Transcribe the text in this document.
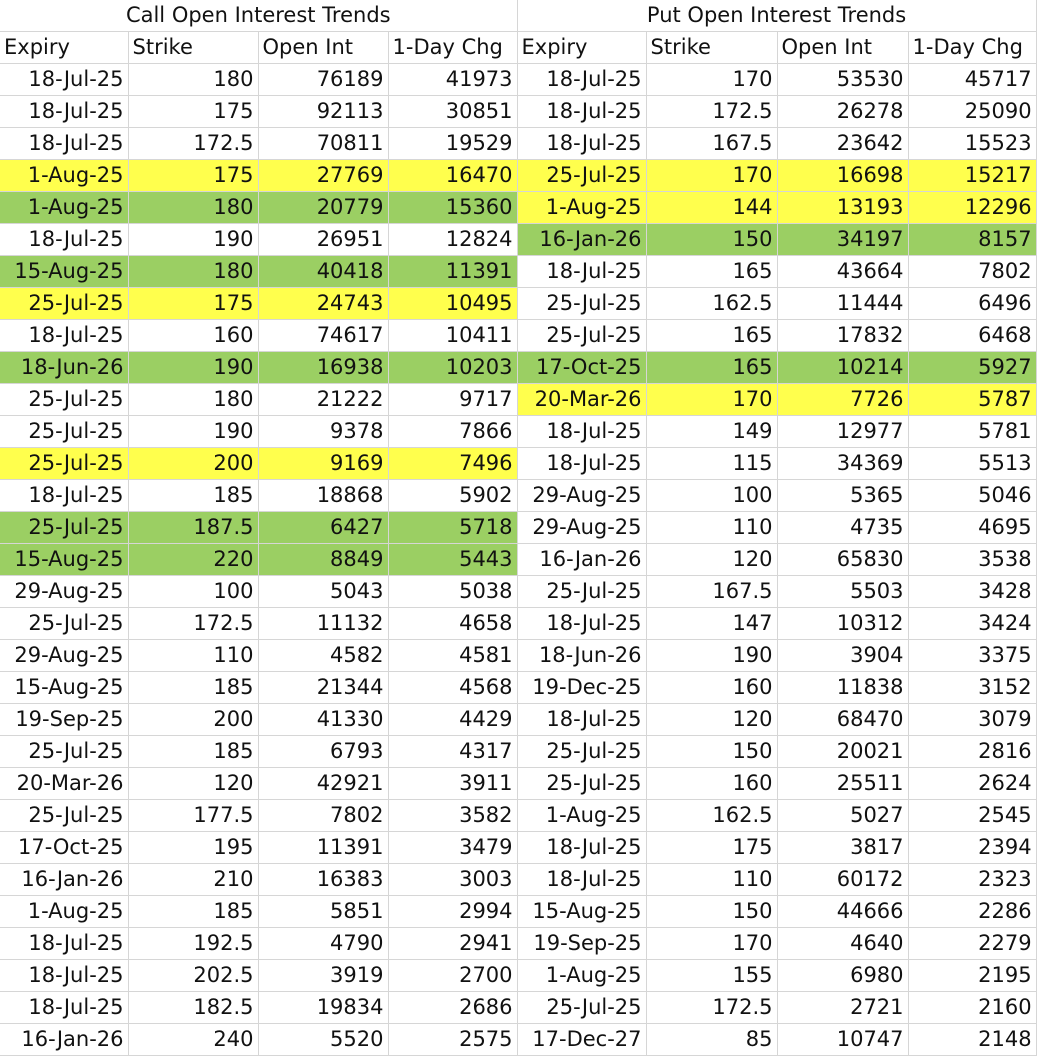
Call Open Interest Trends				Put Open Interest Trends			
Expiry	Strike	Open Int	1-Day Chg	Expiry	Strike	Open Int	1-Day Chg
18-Jul-25	180	76189	41973	18-Jul-25	170	53530	45717
18-Jul-25	175	92113	30851	18-Jul-25	172.5	26278	25090
18-Jul-25	172.5	70811	19529	18-Jul-25	167.5	23642	15523
1-Aug-25	175	27769	16470	25-Jul-25	170	16698	15217
1-Aug-25	180	20779	15360	1-Aug-25	144	13193	12296
18-Jul-25	190	26951	12824	16-Jan-26	150	34197	8157
15-Aug-25	180	40418	11391	18-Jul-25	165	43664	7802
25-Jul-25	175	24743	10495	25-Jul-25	162.5	11444	6496
18-Jul-25	160	74617	10411	25-Jul-25	165	17832	6468
18-Jun-26	190	16938	10203	17-Oct-25	165	10214	5927
25-Jul-25	180	21222	9717	20-Mar-26	170	7726	5787
25-Jul-25	190	9378	7866	18-Jul-25	149	12977	5781
25-Jul-25	200	9169	7496	18-Jul-25	115	34369	5513
18-Jul-25	185	18868	5902	29-Aug-25	100	5365	5046
25-Jul-25	187.5	6427	5718	29-Aug-25	110	4735	4695
15-Aug-25	220	8849	5443	16-Jan-26	120	65830	3538
29-Aug-25	100	5043	5038	25-Jul-25	167.5	5503	3428
25-Jul-25	172.5	11132	4658	18-Jul-25	147	10312	3424
29-Aug-25	110	4582	4581	18-Jun-26	190	3904	3375
15-Aug-25	185	21344	4568	19-Dec-25	160	11838	3152
19-Sep-25	200	41330	4429	18-Jul-25	120	68470	3079
25-Jul-25	185	6793	4317	25-Jul-25	150	20021	2816
20-Mar-26	120	42921	3911	25-Jul-25	160	25511	2624
25-Jul-25	177.5	7802	3582	1-Aug-25	162.5	5027	2545
17-Oct-25	195	11391	3479	18-Jul-25	175	3817	2394
16-Jan-26	210	16383	3003	18-Jul-25	110	60172	2323
1-Aug-25	185	5851	2994	15-Aug-25	150	44666	2286
18-Jul-25	192.5	4790	2941	19-Sep-25	170	4640	2279
18-Jul-25	202.5	3919	2700	1-Aug-25	155	6980	2195
18-Jul-25	182.5	19834	2686	25-Jul-25	172.5	2721	2160
16-Jan-26	240	5520	2575	17-Dec-27	85	10747	2148
